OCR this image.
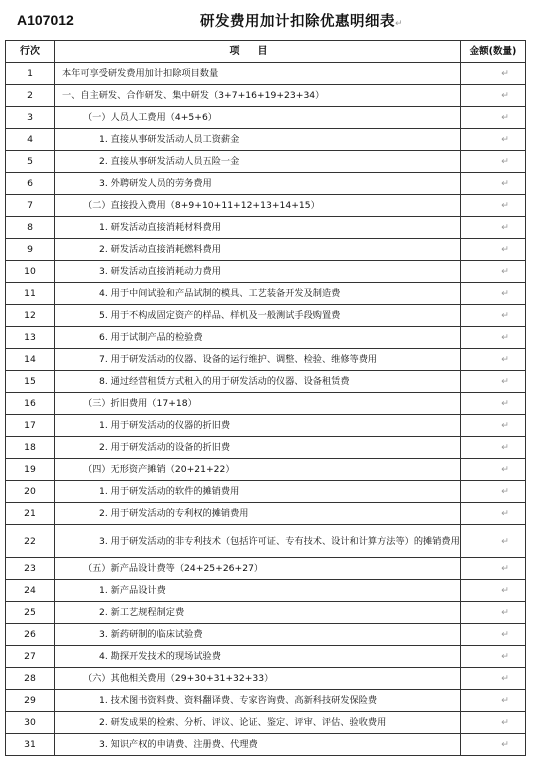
A107012	研发费用加计扣除优惠明细表↵
行次	项目	金额(数量)
1	本年可享受研发费用加计扣除项目数量	↵
2	一、自主研发、合作研发、集中研发（3+7+16+19+23+34）	↵
3	（一）人员人工费用（4+5+6）	↵
4	1. 直接从事研发活动人员工资薪金	↵
5	2. 直接从事研发活动人员五险一金	↵
6	3. 外聘研发人员的劳务费用	↵
7	（二）直接投入费用（8+9+10+11+12+13+14+15）	↵
8	1. 研发活动直接消耗材料费用	↵
9	2. 研发活动直接消耗燃料费用	↵
10	3. 研发活动直接消耗动力费用	↵
11	4. 用于中间试验和产品试制的模具、工艺装备开发及制造费	↵
12	5. 用于不构成固定资产的样品、样机及一般测试手段购置费	↵
13	6. 用于试制产品的检验费	↵
14	7. 用于研发活动的仪器、设备的运行维护、调整、检验、维修等费用	↵
15	8. 通过经营租赁方式租入的用于研发活动的仪器、设备租赁费	↵
16	（三）折旧费用（17+18）	↵
17	1. 用于研发活动的仪器的折旧费	↵
18	2. 用于研发活动的设备的折旧费	↵
19	（四）无形资产摊销（20+21+22）	↵
20	1. 用于研发活动的软件的摊销费用	↵
21	2. 用于研发活动的专利权的摊销费用	↵
22	3. 用于研发活动的非专利技术（包括许可证、专有技术、设计和计算方法等）的摊销费用	↵
23	（五）新产品设计费等（24+25+26+27）	↵
24	1. 新产品设计费	↵
25	2. 新工艺规程制定费	↵
26	3. 新药研制的临床试验费	↵
27	4. 勘探开发技术的现场试验费	↵
28	（六）其他相关费用（29+30+31+32+33）	↵
29	1. 技术图书资料费、资料翻译费、专家咨询费、高新科技研发保险费	↵
30	2. 研发成果的检索、分析、评议、论证、鉴定、评审、评估、验收费用	↵
31	3. 知识产权的申请费、注册费、代理费	↵
